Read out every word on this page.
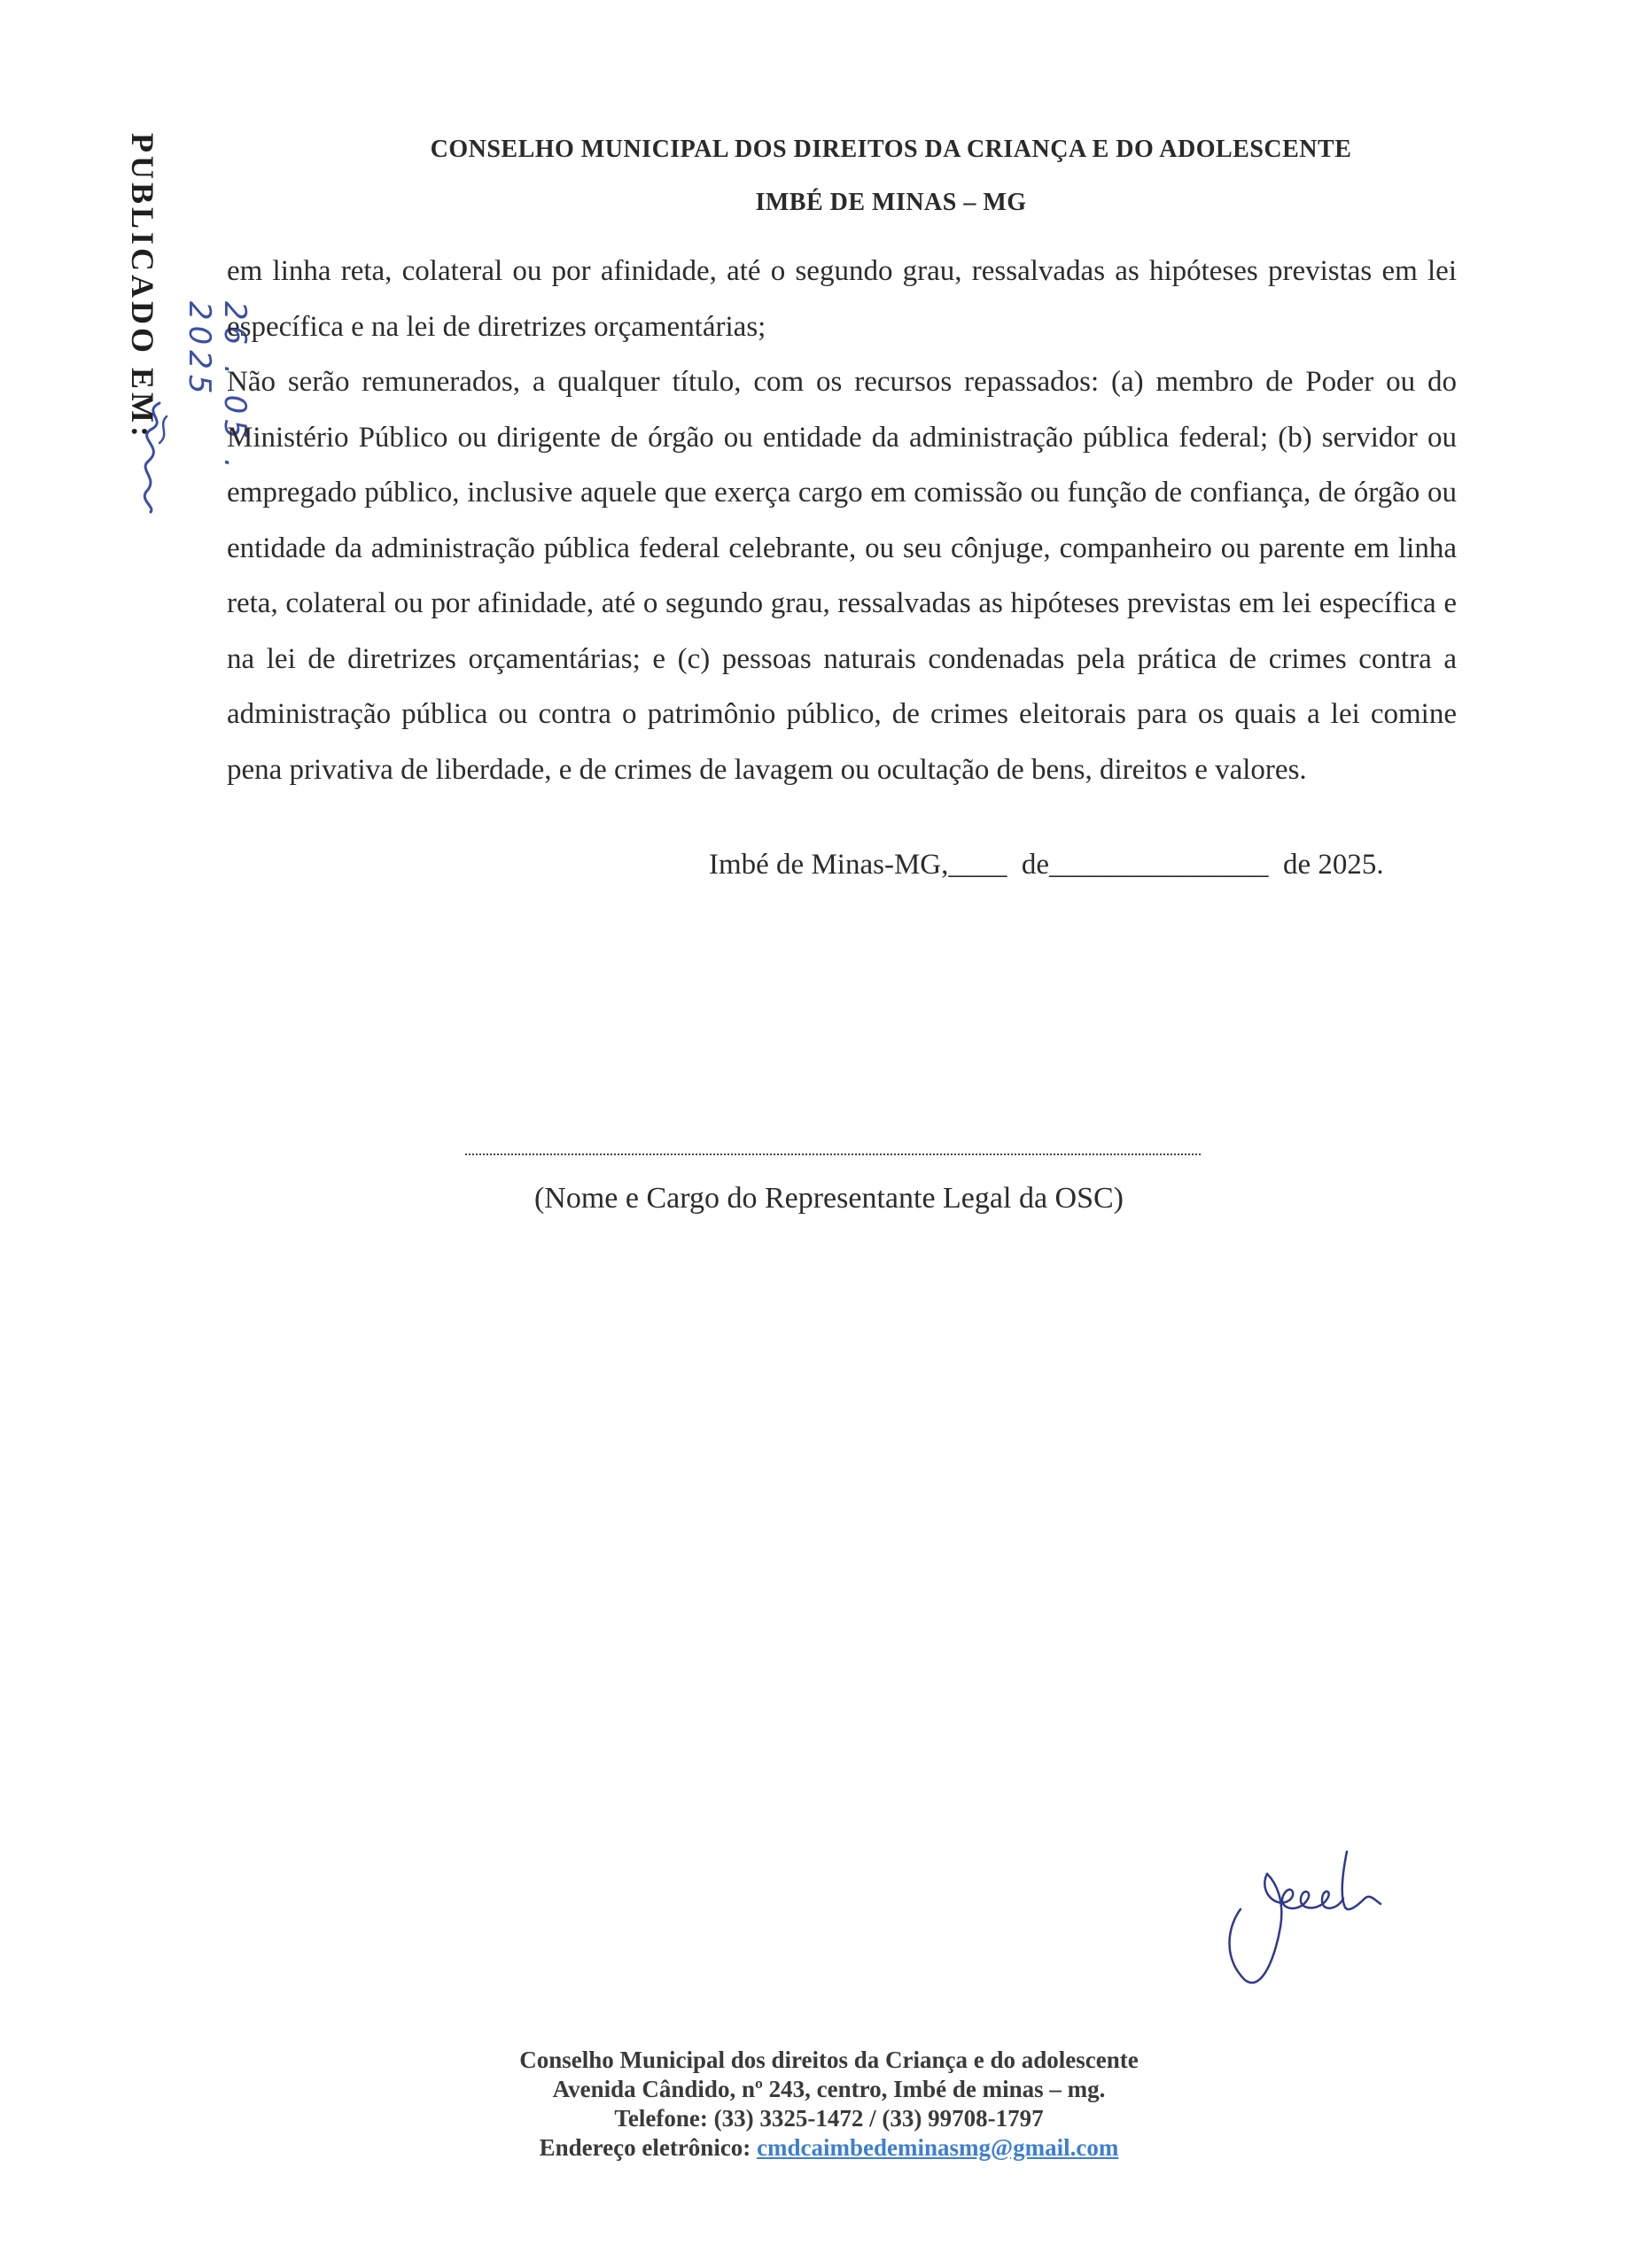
PUBLICADO EM:	26 . 05 . 2025
CONSELHO MUNICIPAL DOS DIREITOS DA CRIANÇA E DO ADOLESCENTE
IMBÉ DE MINAS – MG

em linha reta, colateral ou por afinidade, até o segundo grau, ressalvadas as hipóteses previstas em lei específica e na lei de diretrizes orçamentárias;

Não serão remunerados, a qualquer título, com os recursos repassados: (a) membro de Poder ou do Ministério Público ou dirigente de órgão ou entidade da administração pública federal; (b) servidor ou empregado público, inclusive aquele que exerça cargo em comissão ou função de confiança, de órgão ou entidade da administração pública federal celebrante, ou seu cônjuge, companheiro ou parente em linha reta, colateral ou por afinidade, até o segundo grau, ressalvadas as hipóteses previstas em lei específica e na lei de diretrizes orçamentárias; e (c) pessoas naturais condenadas pela prática de crimes contra a administração pública ou contra o patrimônio público, de crimes eleitorais para os quais a lei comine pena privativa de liberdade, e de crimes de lavagem ou ocultação de bens, direitos e valores.

Imbé de Minas-MG,____  de_______________  de 2025.
(Nome e Cargo do Representante Legal da OSC)
Conselho Municipal dos direitos da Criança e do adolescente
Avenida Cândido, nº 243, centro, Imbé de minas – mg.
Telefone: (33) 3325-1472 / (33) 99708-1797
Endereço eletrônico: cmdcaimbedeminasmg@gmail.com
